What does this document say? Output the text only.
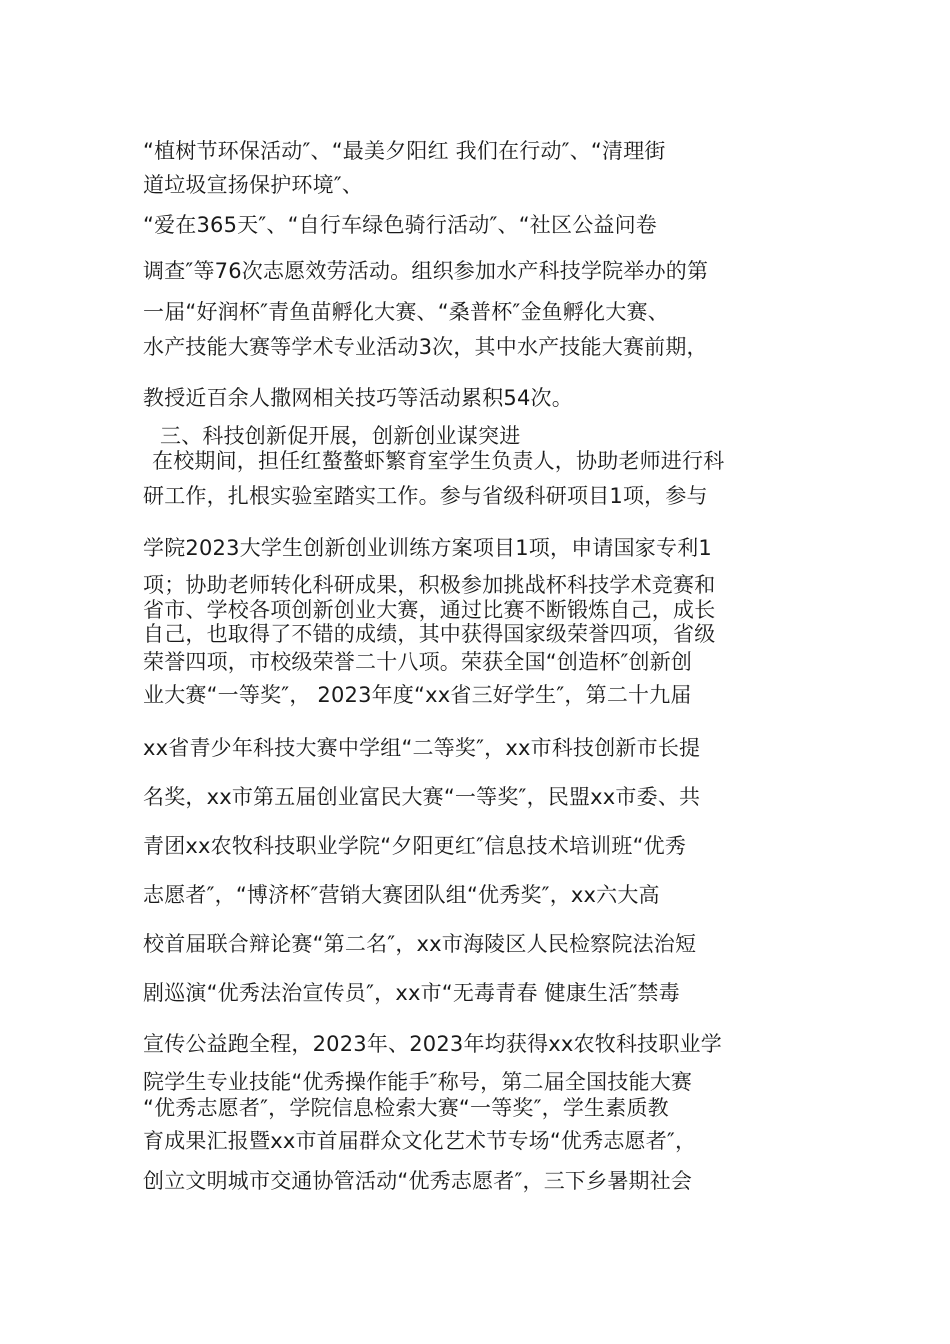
“植树节环保活动″、“最美夕阳红 我们在行动″、“清理街
道垃圾宣扬保护环境″、
“爱在365天″、“自行车绿色骑行活动″、“社区公益问卷
调查″等76次志愿效劳活动。组织参加水产科技学院举办的第
一届“好润杯″青鱼苗孵化大赛、“桑普杯″金鱼孵化大赛、
水产技能大赛等学术专业活动3次，其中水产技能大赛前期，
教授近百余人撒网相关技巧等活动累积54次。
三、科技创新促开展，创新创业谋突进
在校期间，担任红螯螯虾繁育室学生负责人，协助老师进行科
研工作，扎根实验室踏实工作。参与省级科研项目1项，参与
学院2023大学生创新创业训练方案项目1项，申请国家专利1
项；协助老师转化科研成果，积极参加挑战杯科技学术竞赛和
省市、学校各项创新创业大赛，通过比赛不断锻炼自己，成长
自己，也取得了不错的成绩，其中获得国家级荣誉四项，省级
荣誉四项，市校级荣誉二十八项。荣获全国“创造杯″创新创
业大赛“一等奖″， 2023年度“xx省三好学生″，第二十九届
xx省青少年科技大赛中学组“二等奖″，xx市科技创新市长提
名奖，xx市第五届创业富民大赛“一等奖″，民盟xx市委、共
青团xx农牧科技职业学院“夕阳更红″信息技术培训班“优秀
志愿者″，“博济杯″营销大赛团队组“优秀奖″，xx六大高
校首届联合辩论赛“第二名″，xx市海陵区人民检察院法治短
剧巡演“优秀法治宣传员″，xx市“无毒青春 健康生活″禁毒
宣传公益跑全程，2023年、2023年均获得xx农牧科技职业学
院学生专业技能“优秀操作能手″称号，第二届全国技能大赛
“优秀志愿者″，学院信息检索大赛“一等奖″，学生素质教
育成果汇报暨xx市首届群众文化艺术节专场“优秀志愿者″，
创立文明城市交通协管活动“优秀志愿者″，三下乡暑期社会
